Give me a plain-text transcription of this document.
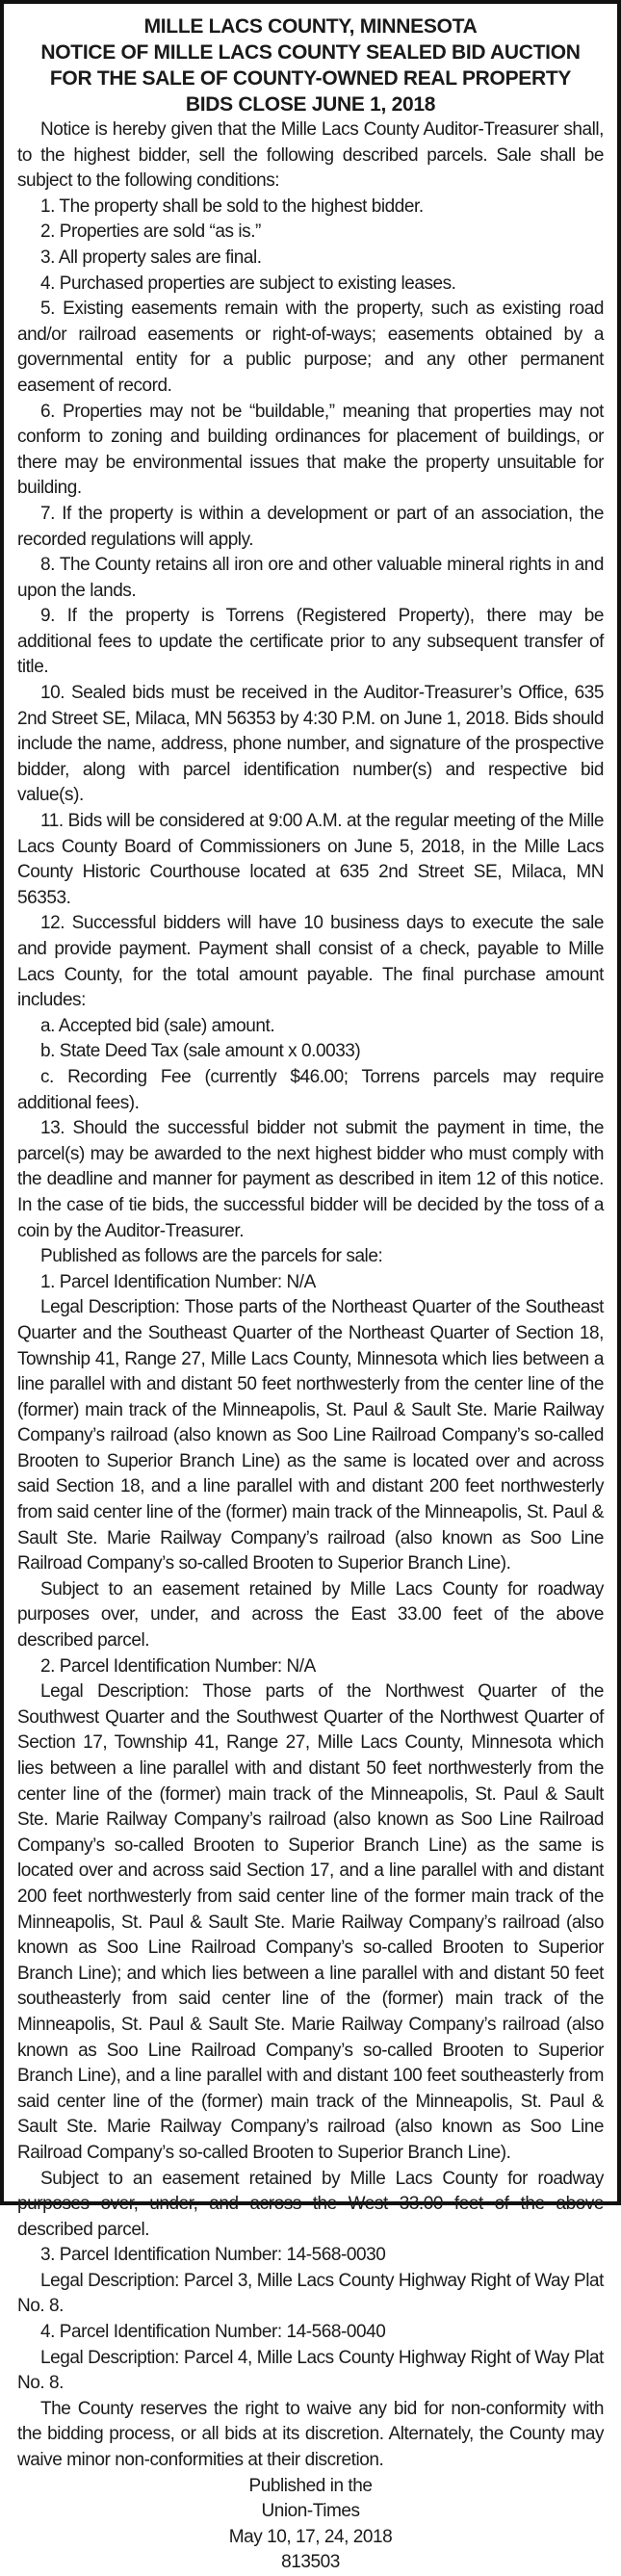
MILLE LACS COUNTY, MINNESOTA
NOTICE OF MILLE LACS COUNTY SEALED BID AUCTION
FOR THE SALE OF COUNTY-OWNED REAL PROPERTY
BIDS CLOSE JUNE 1, 2018

Notice is hereby given that the Mille Lacs County Auditor-Treasurer shall, to the highest bidder, sell the following described parcels. Sale shall be subject to the following conditions:

1. The property shall be sold to the highest bidder.

2. Properties are sold “as is.”

3. All property sales are final.

4. Purchased properties are subject to existing leases.

5. Existing easements remain with the property, such as existing road and/or railroad easements or right-of-ways; easements obtained by a governmental entity for a public purpose; and any other permanent easement of record.

6. Properties may not be “buildable,” meaning that properties may not conform to zoning and building ordinances for placement of buildings, or there may be environmental issues that make the property unsuitable for building.

7. If the property is within a development or part of an association, the recorded regulations will apply.

8. The County retains all iron ore and other valuable mineral rights in and upon the lands.

9. If the property is Torrens (Registered Property), there may be additional fees to update the certificate prior to any subsequent transfer of title.

10. Sealed bids must be received in the Auditor-Treasurer’s Office, 635 2nd Street SE, Milaca, MN 56353 by 4:30 P.M. on June 1, 2018. Bids should include the name, address, phone number, and signature of the prospective bidder, along with parcel identification number(s) and respective bid value(s).

11. Bids will be considered at 9:00 A.M. at the regular meeting of the Mille Lacs County Board of Commissioners on June 5, 2018, in the Mille Lacs County Historic Courthouse located at 635 2nd Street SE, Milaca, MN 56353.

12. Successful bidders will have 10 business days to execute the sale and provide payment. Payment shall consist of a check, payable to Mille Lacs County, for the total amount payable. The final purchase amount includes:

a. Accepted bid (sale) amount.

b. State Deed Tax (sale amount x 0.0033)

c. Recording Fee (currently $46.00; Torrens parcels may require additional fees).

13. Should the successful bidder not submit the payment in time, the parcel(s) may be awarded to the next highest bidder who must comply with the deadline and manner for payment as described in item 12 of this notice. In the case of tie bids, the successful bidder will be decided by the toss of a coin by the Auditor-Treasurer.

Published as follows are the parcels for sale:

1. Parcel Identification Number: N/A

Legal Description: Those parts of the Northeast Quarter of the Southeast Quarter and the Southeast Quarter of the Northeast Quarter of Section 18, Township 41, Range 27, Mille Lacs County, Minnesota which lies between a line parallel with and distant 50 feet northwesterly from the center line of the (former) main track of the Minneapolis, St. Paul & Sault Ste. Marie Railway Company’s railroad (also known as Soo Line Railroad Company’s so-called Brooten to Superior Branch Line) as the same is located over and across said Section 18, and a line parallel with and distant 200 feet northwesterly from said center line of the (former) main track of the Minneapolis, St. Paul & Sault Ste. Marie Railway Company’s railroad (also known as Soo Line Railroad Company’s so-called Brooten to Superior Branch Line).

Subject to an easement retained by Mille Lacs County for roadway purposes over, under, and across the East 33.00 feet of the above described parcel.

2. Parcel Identification Number: N/A

Legal Description: Those parts of the Northwest Quarter of the Southwest Quarter and the Southwest Quarter of the Northwest Quarter of Section 17, Township 41, Range 27, Mille Lacs County, Minnesota which lies between a line parallel with and distant 50 feet northwesterly from the center line of the (former) main track of the Minneapolis, St. Paul & Sault Ste. Marie Railway Company’s railroad (also known as Soo Line Railroad Company’s so-called Brooten to Superior Branch Line) as the same is located over and across said Section 17, and a line parallel with and distant 200 feet northwesterly from said center line of the former main track of the Minneapolis, St. Paul & Sault Ste. Marie Railway Company’s railroad (also known as Soo Line Railroad Company’s so-called Brooten to Superior Branch Line); and which lies between a line parallel with and distant 50 feet southeasterly from said center line of the (former) main track of the Minneapolis, St. Paul & Sault Ste. Marie Railway Company’s railroad (also known as Soo Line Railroad Company’s so-called Brooten to Superior Branch Line), and a line parallel with and distant 100 feet southeasterly from said center line of the (former) main track of the Minneapolis, St. Paul & Sault Ste. Marie Railway Company’s railroad (also known as Soo Line Railroad Company’s so-called Brooten to Superior Branch Line).

Subject to an easement retained by Mille Lacs County for roadway purposes over, under, and across the West 33.00 feet of the above described parcel.

3. Parcel Identification Number: 14-568-0030

Legal Description: Parcel 3, Mille Lacs County Highway Right of Way Plat No. 8.

4. Parcel Identification Number: 14-568-0040

Legal Description: Parcel 4, Mille Lacs County Highway Right of Way Plat No. 8.

The County reserves the right to waive any bid for non-conformity with the bidding process, or all bids at its discretion. Alternately, the County may waive minor non-conformities at their discretion.

Published in the

Union-Times

May 10, 17, 24, 2018

813503
